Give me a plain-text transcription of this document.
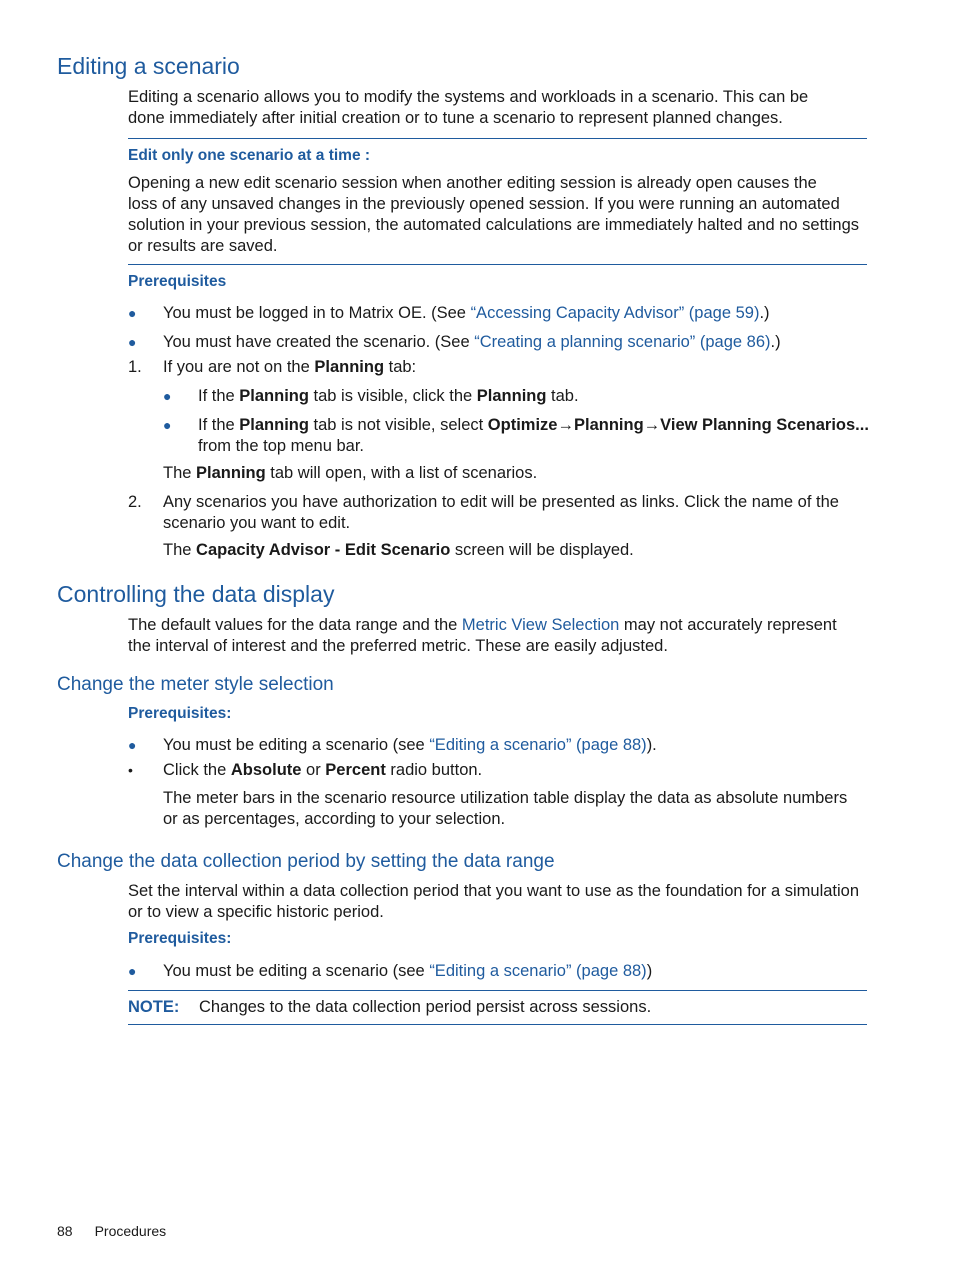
Editing a scenario
Editing a scenario allows you to modify the systems and workloads in a scenario. This can be
done immediately after initial creation or to tune a scenario to represent planned changes.
Edit only one scenario at a time :
Opening a new edit scenario session when another editing session is already open causes the
loss of any unsaved changes in the previously opened session. If you were running an automated
solution in your previous session, the automated calculations are immediately halted and no settings
or results are saved.
Prerequisites
● You must be logged in to Matrix OE. (See “Accessing Capacity Advisor” (page 59).)
● You must have created the scenario. (See “Creating a planning scenario” (page 86).)
1. If you are not on the Planning tab:
● If the Planning tab is visible, click the Planning tab.
● If the Planning tab is not visible, select Optimize→Planning→View Planning Scenarios...
from the top menu bar.
The Planning tab will open, with a list of scenarios.
2. Any scenarios you have authorization to edit will be presented as links. Click the name of the
scenario you want to edit.
The Capacity Advisor - Edit Scenario screen will be displayed.
Controlling the data display
The default values for the data range and the Metric View Selection may not accurately represent
the interval of interest and the preferred metric. These are easily adjusted.
Change the meter style selection
Prerequisites:
● You must be editing a scenario (see “Editing a scenario” (page 88)).
• Click the Absolute or Percent radio button.
The meter bars in the scenario resource utilization table display the data as absolute numbers
or as percentages, according to your selection.
Change the data collection period by setting the data range
Set the interval within a data collection period that you want to use as the foundation for a simulation
or to view a specific historic period.
Prerequisites:
● You must be editing a scenario (see “Editing a scenario” (page 88))
NOTE: Changes to the data collection period persist across sessions.
88 Procedures
